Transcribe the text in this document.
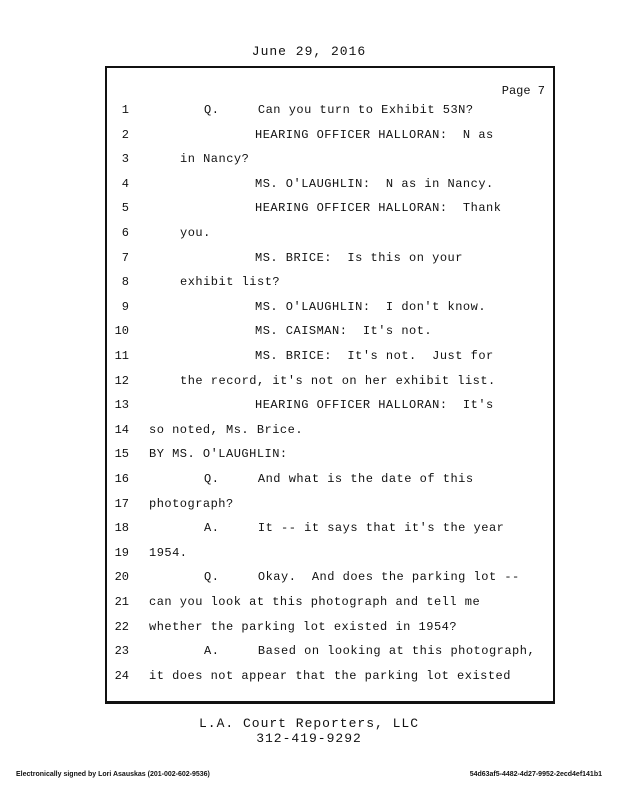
June 29, 2016
Page 7
1	Q.     Can you turn to Exhibit 53N?
2	HEARING OFFICER HALLORAN:  N as
3	in Nancy?
4	MS. O'LAUGHLIN:  N as in Nancy.
5	HEARING OFFICER HALLORAN:  Thank
6	you.
7	MS. BRICE:  Is this on your
8	exhibit list?
9	MS. O'LAUGHLIN:  I don't know.
10	MS. CAISMAN:  It's not.
11	MS. BRICE:  It's not.  Just for
12	the record, it's not on her exhibit list.
13	HEARING OFFICER HALLORAN:  It's
14 so noted, Ms. Brice.
15 BY MS. O'LAUGHLIN:
16	Q.     And what is the date of this
17 photograph?
18	A.     It -- it says that it's the year
19 1954.
20	Q.     Okay.  And does the parking lot --
21 can you look at this photograph and tell me
22 whether the parking lot existed in 1954?
23	A.     Based on looking at this photograph,
24 it does not appear that the parking lot existed
L.A. Court Reporters, LLC
312-419-9292
Electronically signed by Lori Asauskas (201-002-602-9536)	54d63af5-4482-4d27-9952-2ecd4ef141b1
